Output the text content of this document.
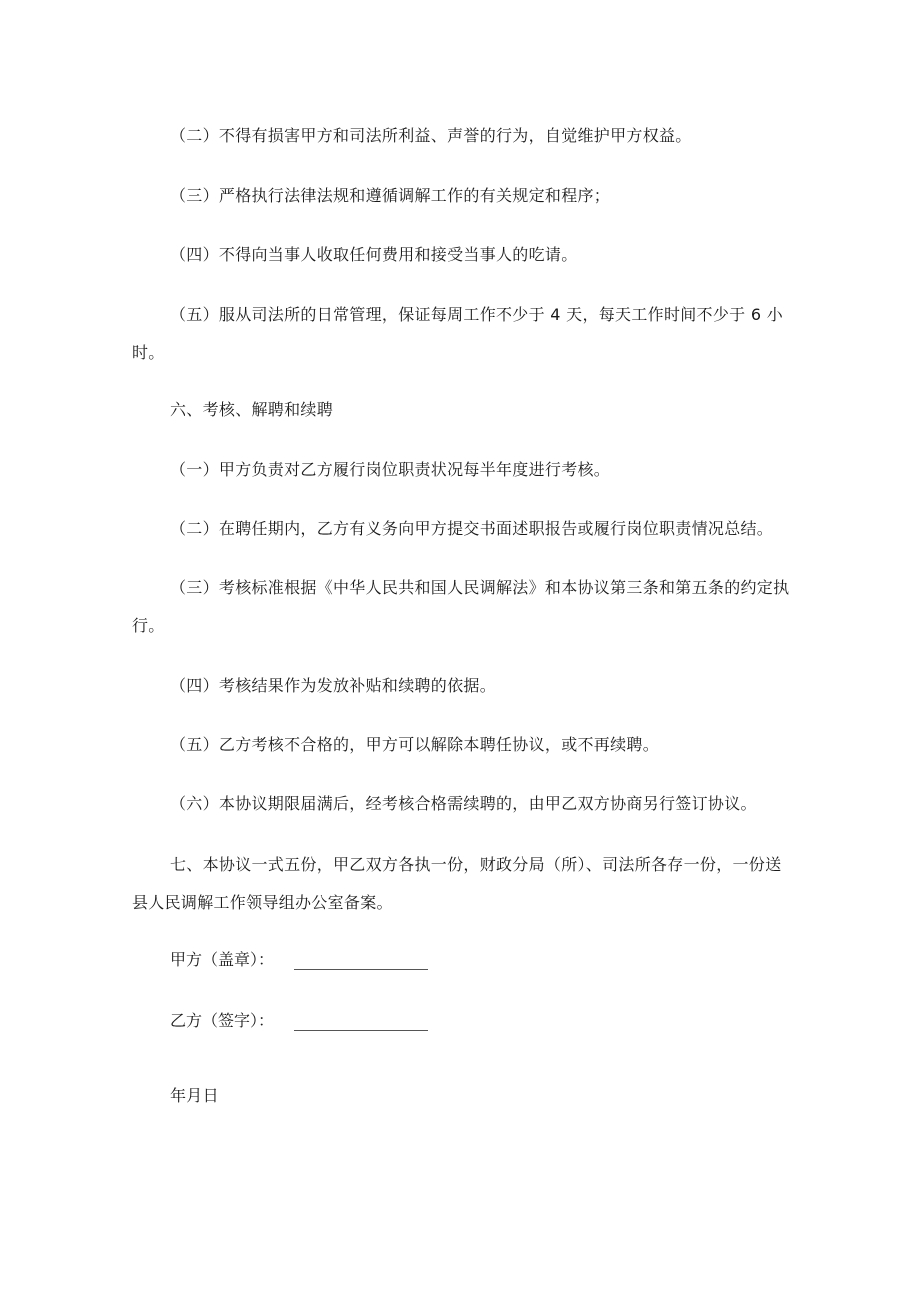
（二）不得有损害甲方和司法所利益、声誉的行为，自觉维护甲方权益。
（三）严格执行法律法规和遵循调解工作的有关规定和程序；
（四）不得向当事人收取任何费用和接受当事人的吃请。
（五）服从司法所的日常管理，保证每周工作不少于 4 天，每天工作时间不少于 6 小时。
六、考核、解聘和续聘
（一）甲方负责对乙方履行岗位职责状况每半年度进行考核。
（二）在聘任期内，乙方有义务向甲方提交书面述职报告或履行岗位职责情况总结。
（三）考核标准根据《中华人民共和国人民调解法》和本协议第三条和第五条的约定执行。
（四）考核结果作为发放补贴和续聘的依据。
（五）乙方考核不合格的，甲方可以解除本聘任协议，或不再续聘。
（六）本协议期限届满后，经考核合格需续聘的，由甲乙双方协商另行签订协议。
七、本协议一式五份，甲乙双方各执一份，财政分局（所）、司法所各存一份，一份送县人民调解工作领导组办公室备案。
甲方（盖章）：
乙方（签字）：
年月日
